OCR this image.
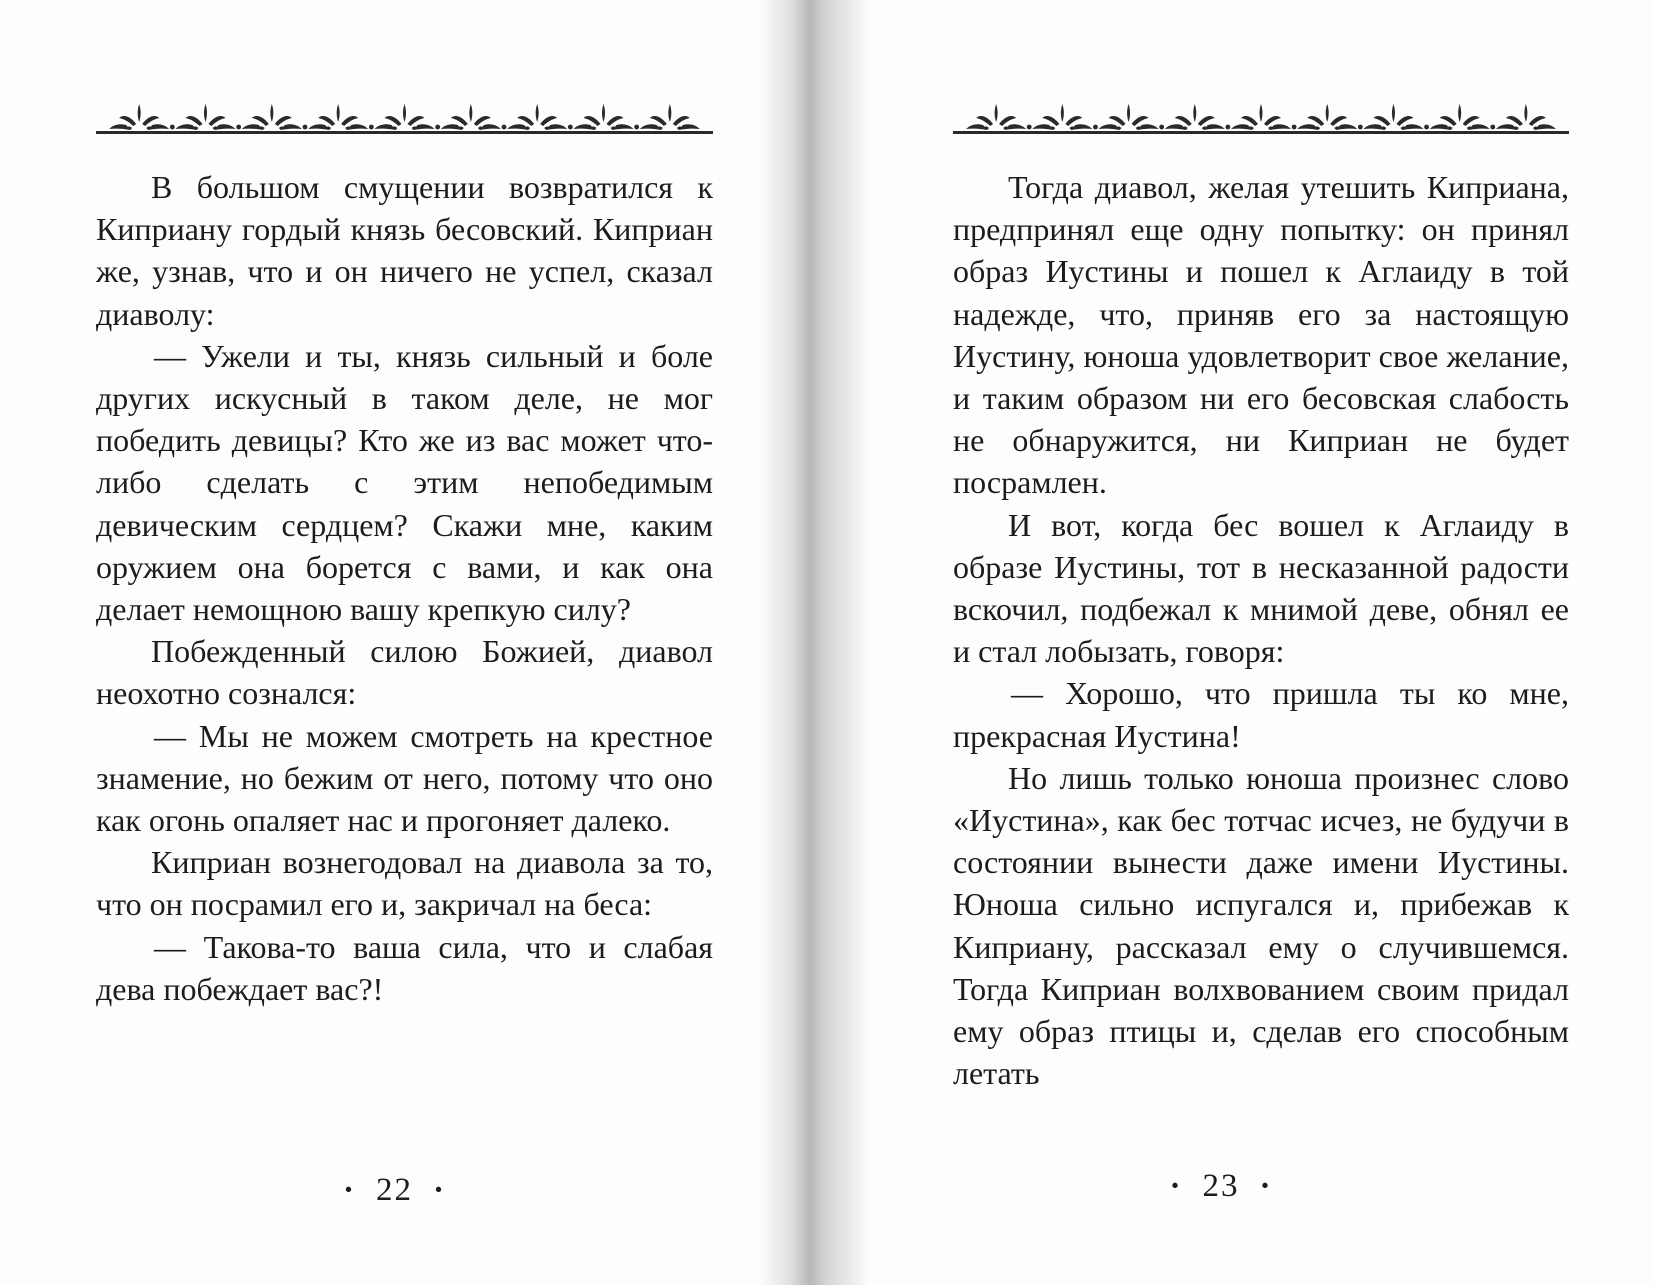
В большом смущении возвратился к Киприану гордый князь бесовский. Киприан же, узнав, что и он ничего не успел, сказал диаволу:

— Ужели и ты, князь сильный и боле других искусный в таком деле, не мог победить девицы? Кто же из вас может что-либо сделать с этим непобедимым девическим сердцем? Скажи мне, каким оружием она борется с вами, и как она делает немощною вашу крепкую силу?

Побежденный силою Божией, диавол неохотно сознался:

— Мы не можем смотреть на крестное знамение, но бежим от него, потому что оно как огонь опаляет нас и прогоняет далеко.

Киприан вознегодовал на диавола за то, что он посрамил его и, закричал на беса:

— Такова-то ваша сила, что и слабая дева побеждает вас?!

· 22 ·

Тогда диавол, желая утешить Киприана, предпринял еще одну попытку: он принял образ Иустины и пошел к Аглаиду в той надежде, что, приняв его за настоящую Иустину, юноша удовлетворит свое желание, и таким образом ни его бесовская слабость не обнаружится, ни Киприан не будет посрамлен.

И вот, когда бес вошел к Аглаиду в образе Иустины, тот в несказанной радости вскочил, подбежал к мнимой деве, обнял ее и стал лобызать, говоря:

— Хорошо, что пришла ты ко мне, прекрасная Иустина!

Но лишь только юноша произнес слово «Иустина», как бес тотчас исчез, не будучи в состоянии вынести даже имени Иустины. Юноша сильно испугался и, прибежав к Киприану, рассказал ему о случившемся. Тогда Киприан волхвованием своим придал ему образ птицы и, сделав его способным летать

· 23 ·
